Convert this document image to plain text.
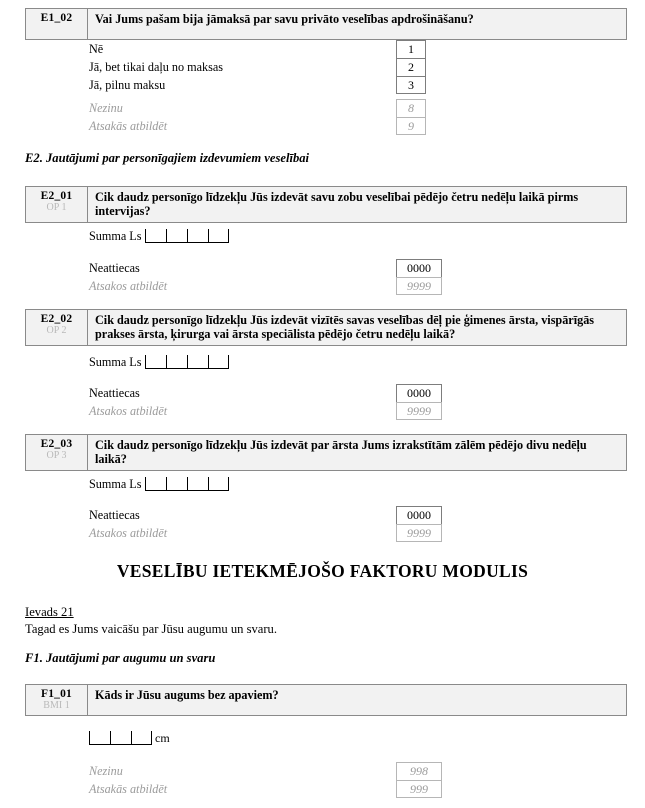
E1_02	Vai Jums pašam bija jāmaksā par savu privāto veselības apdrošināšanu?
Nē	1
Jā, bet tikai daļu no maksas	2
Jā, pilnu maksu	3
Nezinu	8
Atsakās atbildēt	9
E2. Jautājumi par personīgajiem izdevumiem veselībai
E2_01
OP 1
Cik daudz personīgo līdzekļu Jūs izdevāt savu zobu veselībai pēdējo četru nedēļu laikā pirms intervijas?
Summa Ls
Neattiecas	0000
Atsakos atbildēt	9999
E2_02
OP 2
Cik daudz personīgo līdzekļu Jūs izdevāt vizītēs savas veselības dēļ pie ģimenes ārsta, vispārīgās prakses ārsta, ķirurga vai ārsta speciālista pēdējo četru nedēļu laikā?
Summa Ls
Neattiecas	0000
Atsakos atbildēt	9999
E2_03
OP 3
Cik daudz personīgo līdzekļu Jūs izdevāt par ārsta Jums izrakstītām zālēm pēdējo divu nedēļu laikā?
Summa Ls
Neattiecas	0000
Atsakos atbildēt	9999
VESELĪBU IETEKMĒJOŠO FAKTORU MODULIS
Ievads 21
Tagad es Jums vaicāšu par Jūsu augumu un svaru.
F1. Jautājumi par augumu un svaru
F1_01
BMI 1
Kāds ir Jūsu augums bez apaviem?
cm
Nezinu	998
Atsakās atbildēt	999
